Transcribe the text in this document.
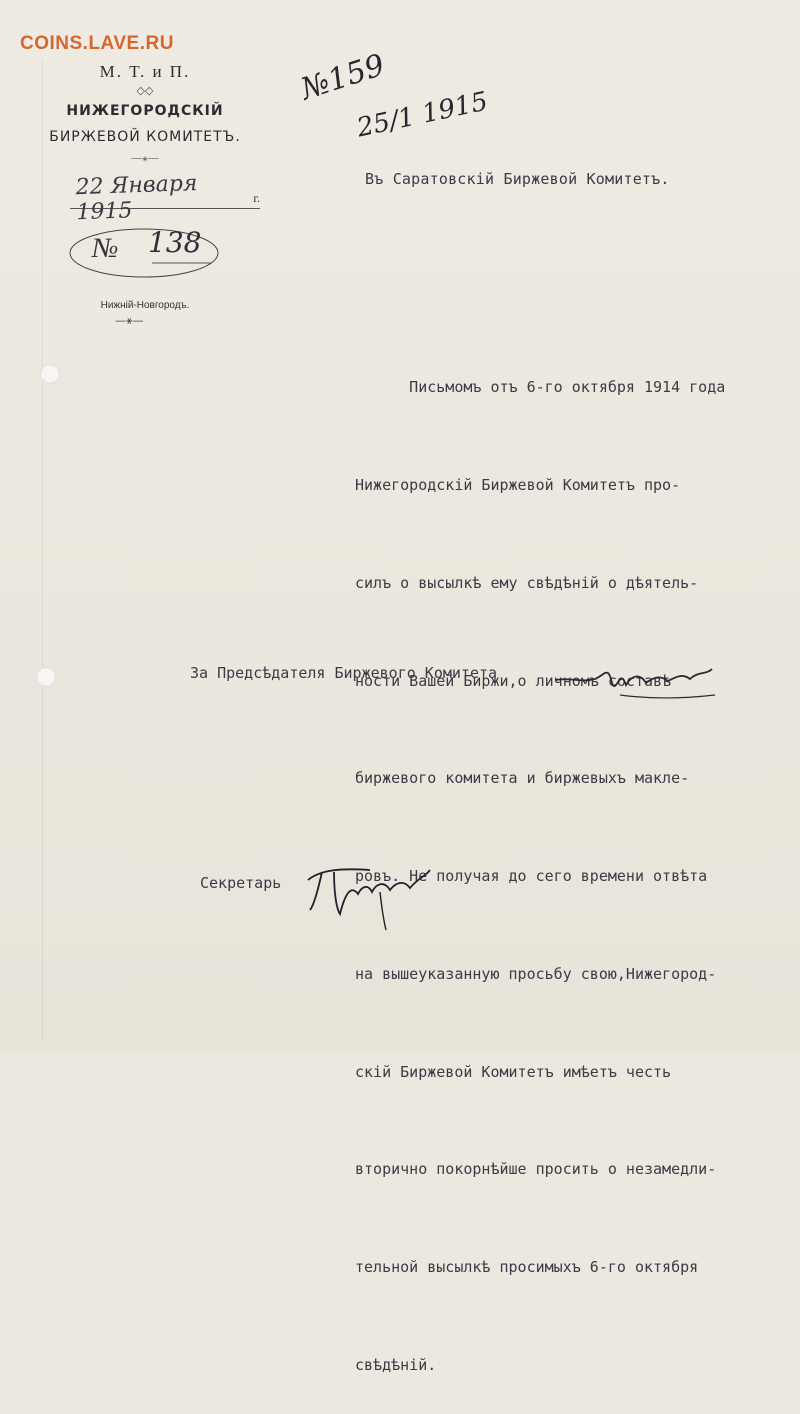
COINS.LAVE.RU
М. Т. и П.
◇◇
НИЖЕГОРОДСКІЙ
БИРЖЕВОЙ КОМИТЕТЪ.
—⁎—
22 Января 1915
г.
№ 138
Нижній-Новгородъ.
—⚹—
№159
25/1 1915
Въ Саратовскій Биржевой Комитетъ.

Письмомъ отъ 6-го октября 1914 года

Нижегородскій Биржевой Комитетъ про-

силъ о высылкѣ ему свѣдѣній о дѣятель-

ности Вашей Биржи,о личномъ составѣ

биржевого комитета и биржевыхъ макле-

ровъ. Не получая до сего времени отвѣта

на вышеуказанную просьбу свою,Нижегород-

скій Биржевой Комитетъ имѣетъ честь

вторично покорнѣйше просить о незамедли-

тельной высылкѣ просимыхъ 6-го октября

свѣдѣній.

За Предсѣдателя Биржевого Комитета
Секретарь
